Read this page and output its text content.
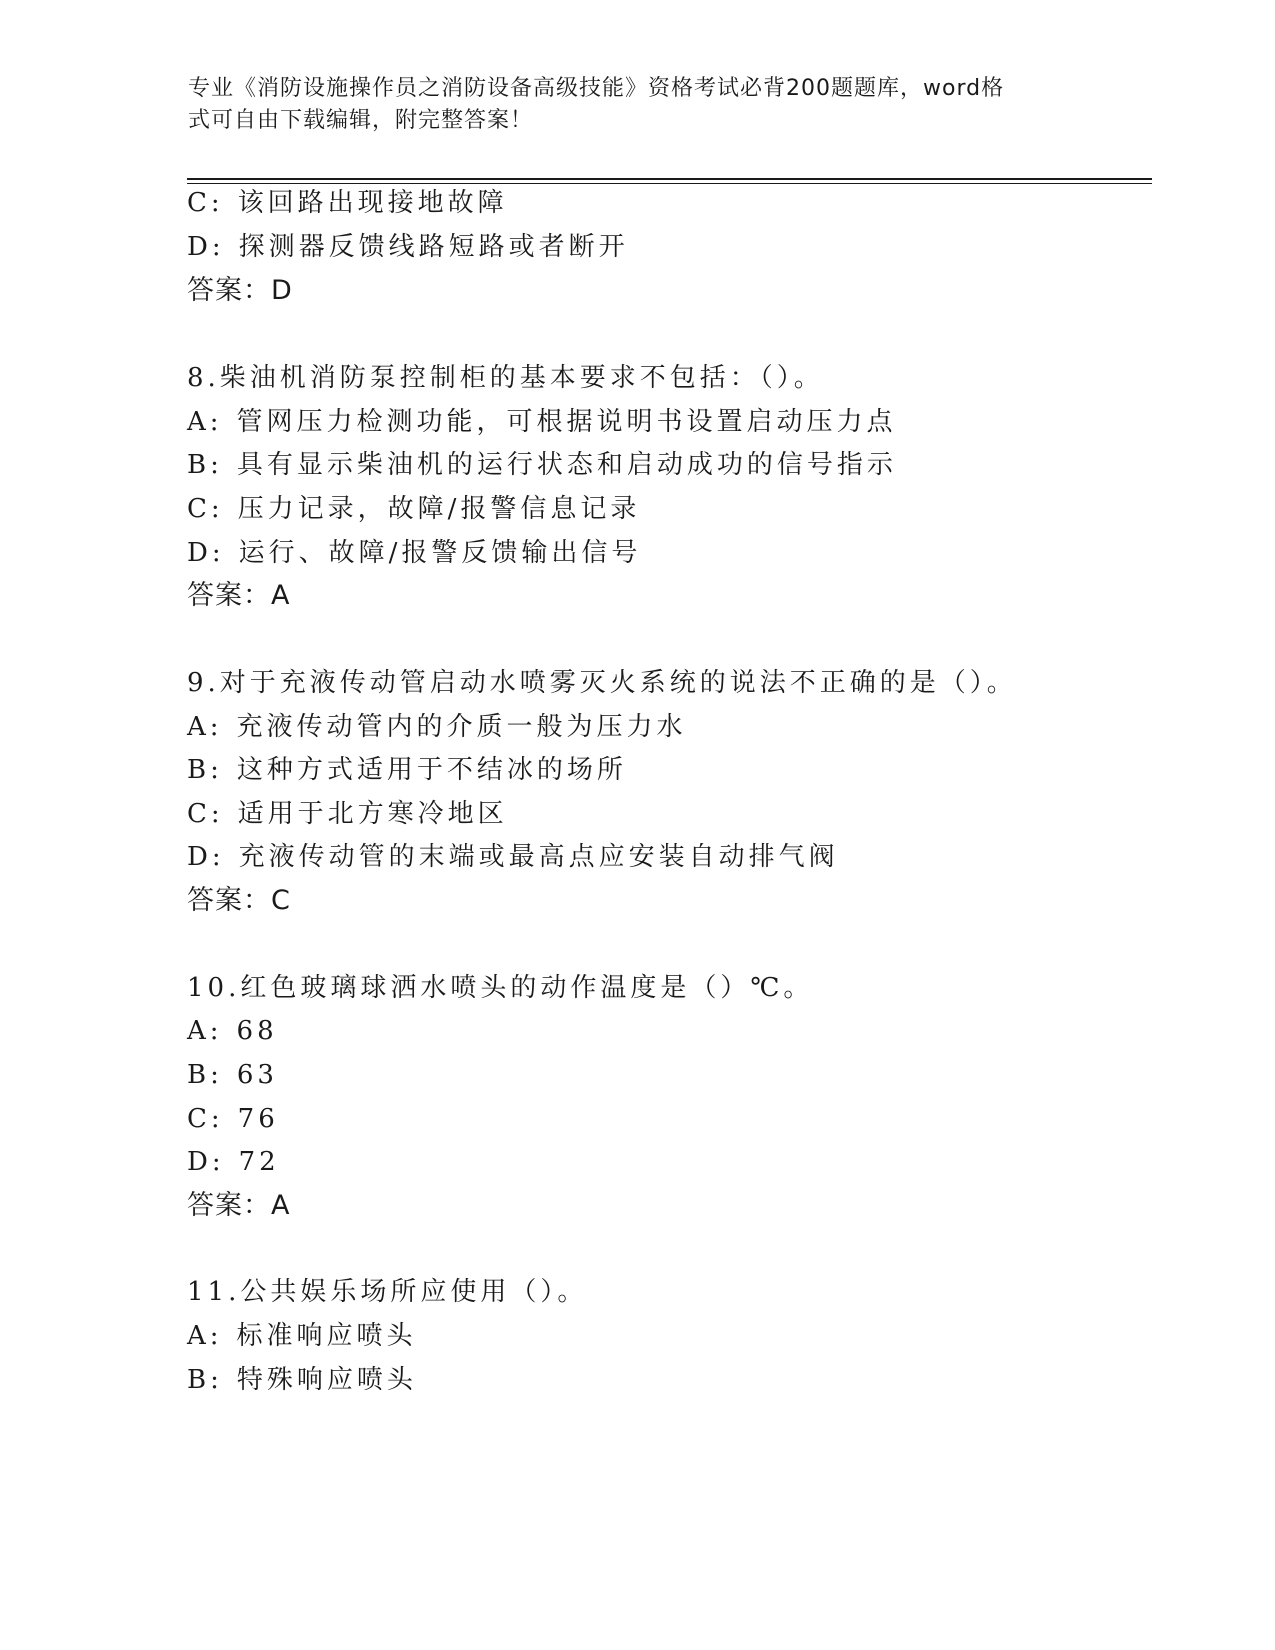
专业《消防设施操作员之消防设备高级技能》资格考试必背200题题库，word格
式可自由下载编辑，附完整答案！
C: 该回路出现接地故障
D: 探测器反馈线路短路或者断开
答案：D
8.柴油机消防泵控制柜的基本要求不包括：（）。
A: 管网压力检测功能，可根据说明书设置启动压力点
B: 具有显示柴油机的运行状态和启动成功的信号指示
C: 压力记录，故障/报警信息记录
D: 运行、故障/报警反馈输出信号
答案：A
9.对于充液传动管启动水喷雾灭火系统的说法不正确的是（）。
A: 充液传动管内的介质一般为压力水
B: 这种方式适用于不结冰的场所
C: 适用于北方寒冷地区
D: 充液传动管的末端或最高点应安装自动排气阀
答案：C
10.红色玻璃球洒水喷头的动作温度是（）℃。
A: 68
B: 63
C: 76
D: 72
答案：A
11.公共娱乐场所应使用（）。
A: 标准响应喷头
B: 特殊响应喷头
